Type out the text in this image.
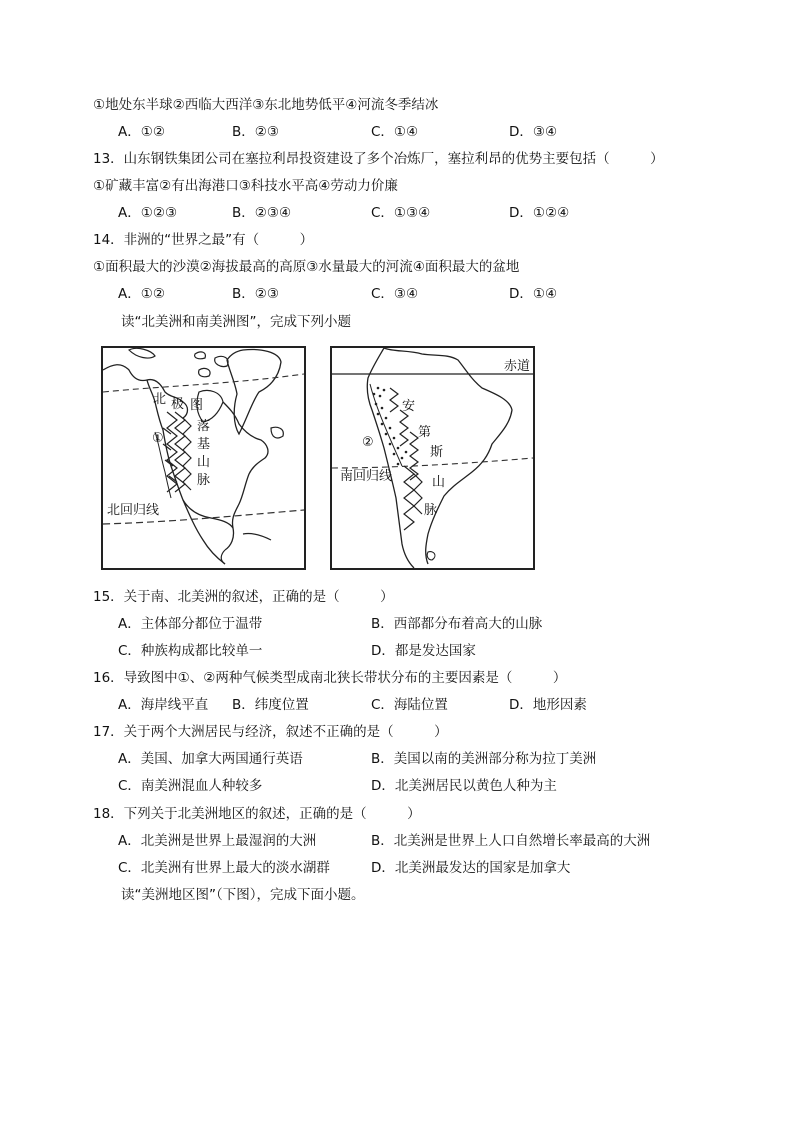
①地处东半球②西临大西洋③东北地势低平④河流冬季结冰
A．①②	B．②③	C．①④	D．③④
13．山东钢铁集团公司在塞拉利昂投资建设了多个冶炼厂，塞拉利昂的优势主要包括（　　　）
①矿藏丰富②有出海港口③科技水平高④劳动力价廉
A．①②③	B．②③④	C．①③④	D．①②④
14．非洲的“世界之最”有（　　　）
①面积最大的沙漠②海拔最高的高原③水量最大的河流④面积最大的盆地
A．①②	B．②③	C．③④	D．①④
读“北美洲和南美洲图”，完成下列小题
北 极 图
落
基
山
脉
①
北回归线
赤道
安
第
斯
山
脉
②
南回归线
15．关于南、北美洲的叙述，正确的是（　　　）
A．主体部分都位于温带	B．西部都分布着高大的山脉
C．种族构成都比较单一	D．都是发达国家
16．导致图中①、②两种气候类型成南北狭长带状分布的主要因素是（　　　）
A．海岸线平直 B．纬度位置	C．海陆位置	D．地形因素
17．关于两个大洲居民与经济，叙述不正确的是（　　　）
A．美国、加拿大两国通行英语	B．美国以南的美洲部分称为拉丁美洲
C．南美洲混血人种较多	D．北美洲居民以黄色人种为主
18．下列关于北美洲地区的叙述，正确的是（　　　）
A．北美洲是世界上最湿润的大洲	B．北美洲是世界上人口自然增长率最高的大洲
C．北美洲有世界上最大的淡水湖群	D．北美洲最发达的国家是加拿大
读“美洲地区图”（下图），完成下面小题。
